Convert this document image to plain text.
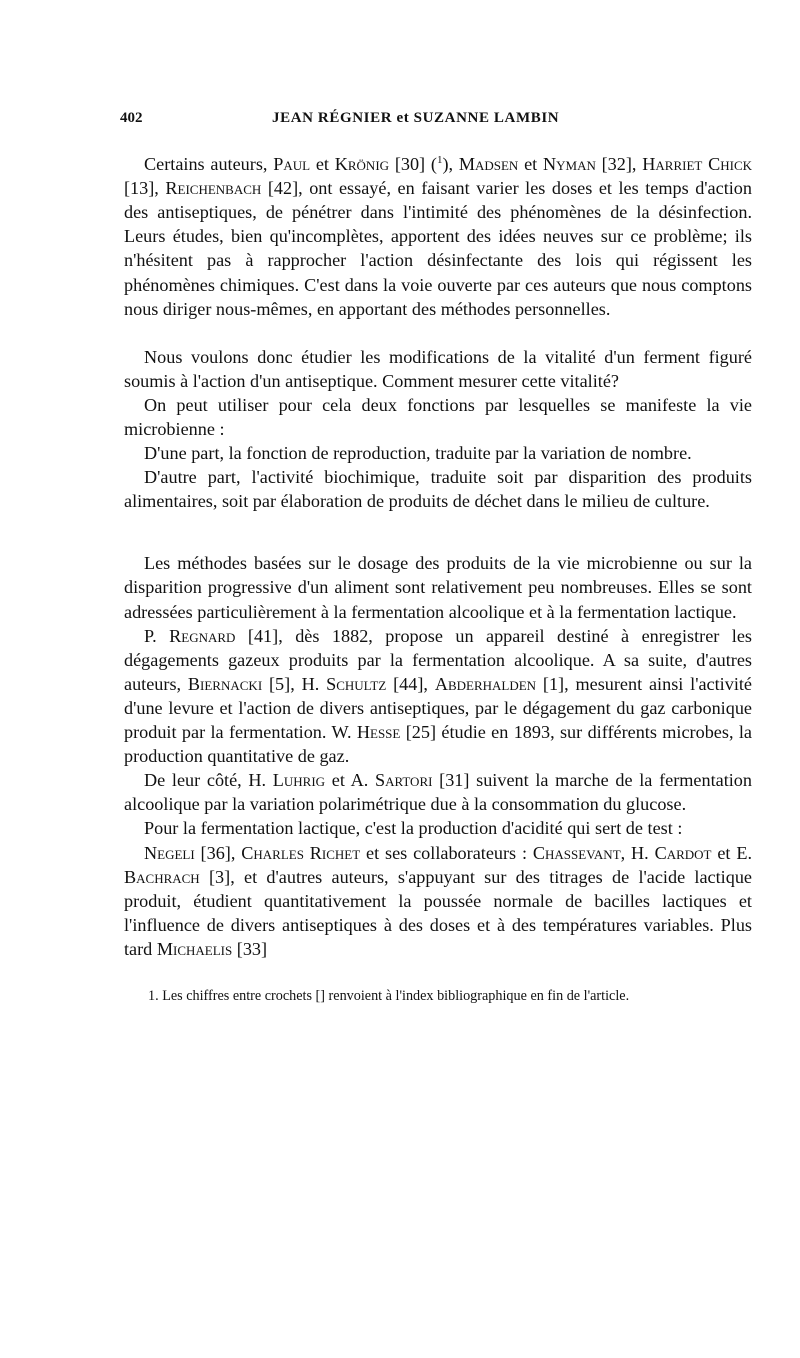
402	JEAN RÉGNIER et SUZANNE LAMBIN

Certains auteurs, Paul et Krönig [30] ($^1$), Madsen et Nyman [32], Harriet Chick [13], Reichenbach [42], ont essayé, en faisant varier les doses et les temps d'action des antiseptiques, de pénétrer dans l'intimité des phénomènes de la désinfection. Leurs études, bien qu'incomplètes, apportent des idées neuves sur ce problème; ils n'hésitent pas à rapprocher l'action désinfectante des lois qui régissent les phénomènes chimiques. C'est dans la voie ouverte par ces auteurs que nous comptons nous diriger nous-mêmes, en apportant des méthodes personnelles.

Nous voulons donc étudier les modifications de la vitalité d'un ferment figuré soumis à l'action d'un antiseptique. Comment mesurer cette vitalité?

On peut utiliser pour cela deux fonctions par lesquelles se manifeste la vie microbienne :

D'une part, la fonction de reproduction, traduite par la variation de nombre.

D'autre part, l'activité biochimique, traduite soit par disparition des produits alimentaires, soit par élaboration de produits de déchet dans le milieu de culture.

Les méthodes basées sur le dosage des produits de la vie microbienne ou sur la disparition progressive d'un aliment sont relativement peu nombreuses. Elles se sont adressées particulièrement à la fermentation alcoolique et à la fermentation lactique.

P. Regnard [41], dès 1882, propose un appareil destiné à enregistrer les dégagements gazeux produits par la fermentation alcoolique. A sa suite, d'autres auteurs, Biernacki [5], H. Schultz [44], Abderhalden [1], mesurent ainsi l'activité d'une levure et l'action de divers antiseptiques, par le dégagement du gaz carbonique produit par la fermentation. W. Hesse [25] étudie en 1893, sur différents microbes, la production quantitative de gaz.

De leur côté, H. Luhrig et A. Sartori [31] suivent la marche de la fermentation alcoolique par la variation polarimétrique due à la consommation du glucose.

Pour la fermentation lactique, c'est la production d'acidité qui sert de test :

Negeli [36], Charles Richet et ses collaborateurs : Chassevant, H. Cardot et E. Bachrach [3], et d'autres auteurs, s'appuyant sur des titrages de l'acide lactique produit, étudient quantitativement la poussée normale de bacilles lactiques et l'influence de divers antiseptiques à des doses et à des températures variables. Plus tard Michaelis [33]

1. Les chiffres entre crochets [] renvoient à l'index bibliographique en fin de l'article.
